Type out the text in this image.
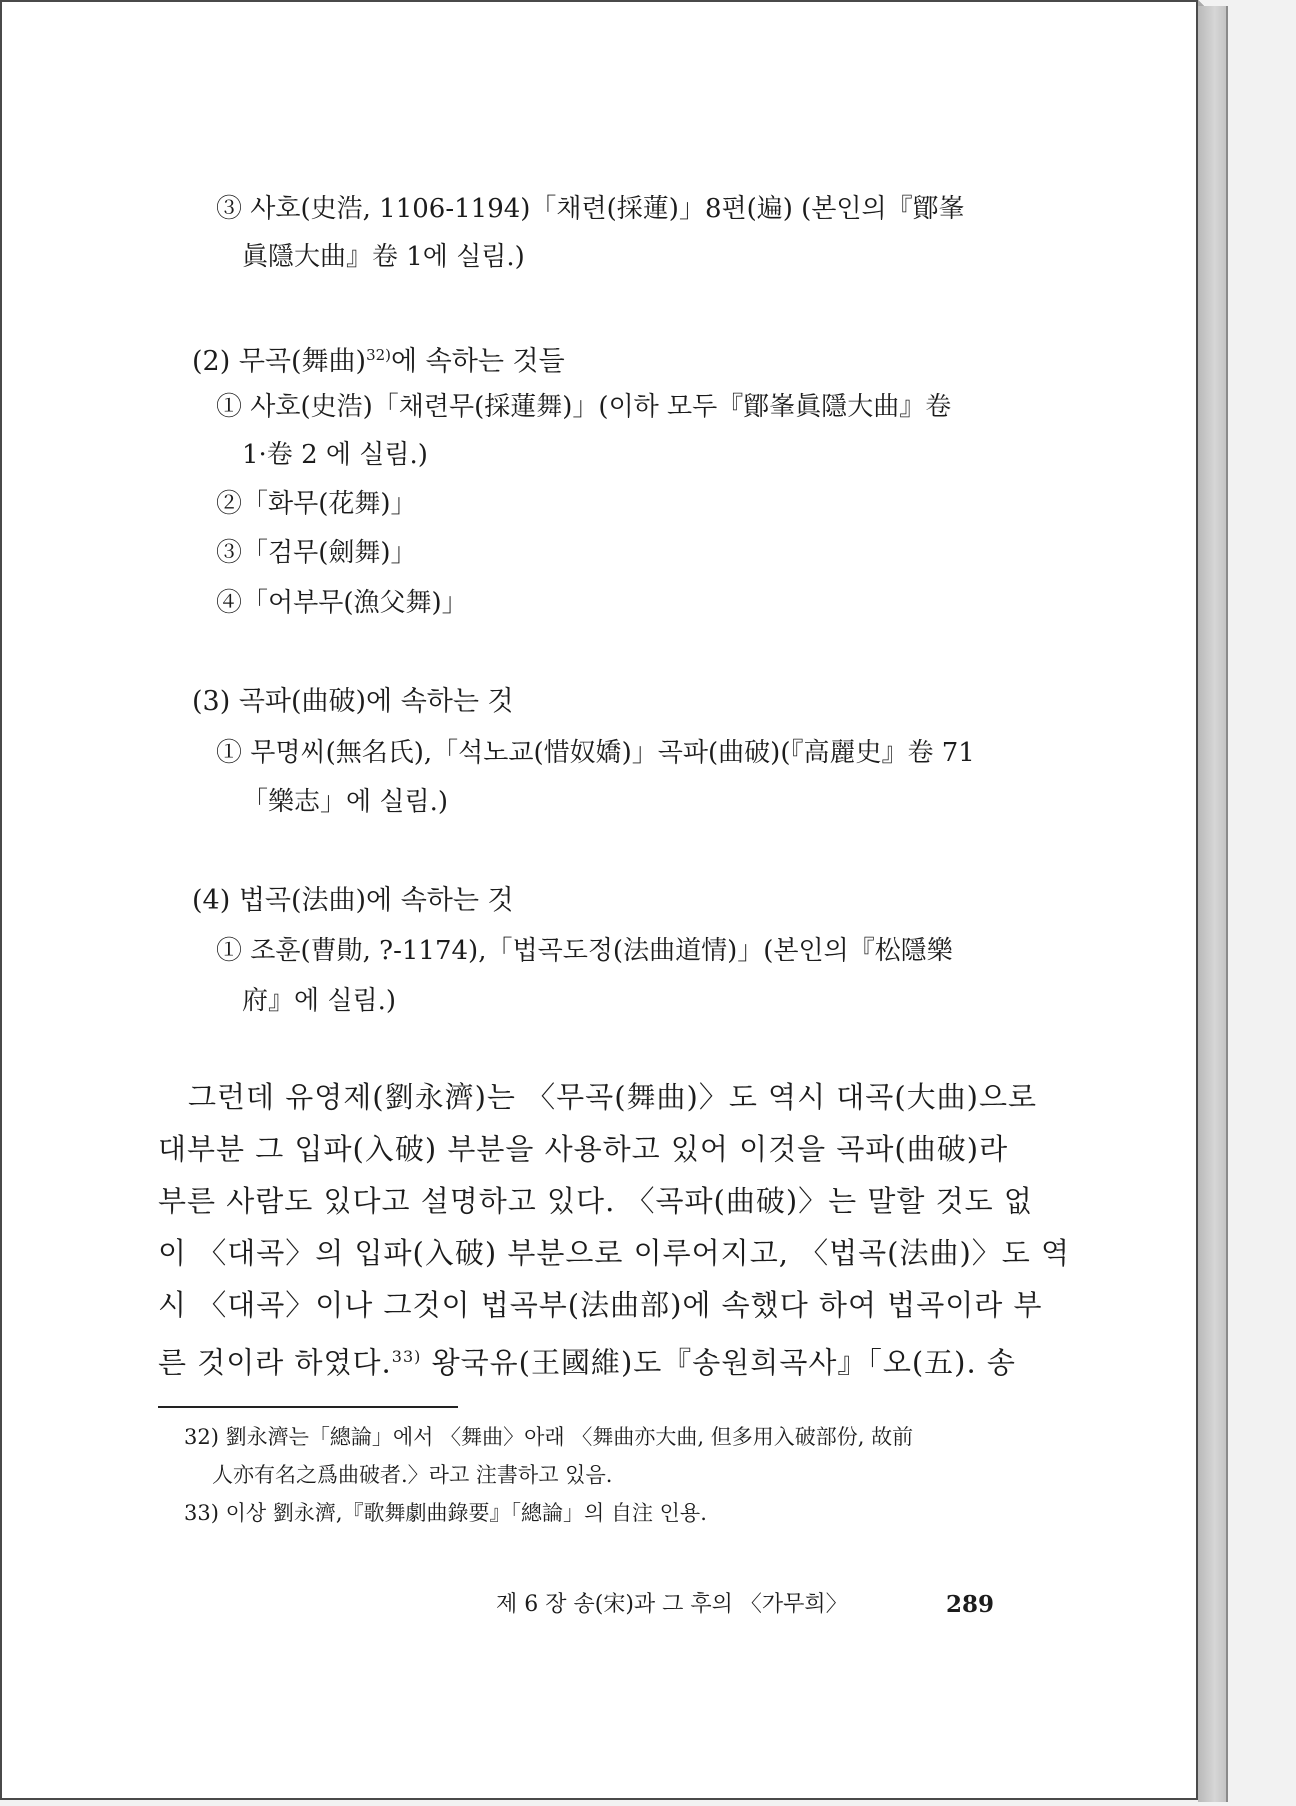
③ 사호(史浩, 1106-1194)「채련(採蓮)」8편(遍) (본인의『鄮峯
眞隱大曲』卷 1에 실림.)
(2) 무곡(舞曲)$^{32)}$에 속하는 것들
① 사호(史浩)「채련무(採蓮舞)」(이하 모두『鄮峯眞隱大曲』卷
1·卷 2 에 실림.)
②「화무(花舞)」
③「검무(劍舞)」
④「어부무(漁父舞)」
(3) 곡파(曲破)에 속하는 것
① 무명씨(無名氏),「석노교(惜奴嬌)」곡파(曲破)(『高麗史』卷 71
「樂志」에 실림.)
(4) 법곡(法曲)에 속하는 것
① 조훈(曹勛, ?-1174),「법곡도정(法曲道情)」(본인의『松隱樂
府』에 실림.)
그런데 유영제(劉永濟)는 〈무곡(舞曲)〉도 역시 대곡(大曲)으로
대부분 그 입파(入破) 부분을 사용하고 있어 이것을 곡파(曲破)라
부른 사람도 있다고 설명하고 있다. 〈곡파(曲破)〉는 말할 것도 없
이 〈대곡〉의 입파(入破) 부분으로 이루어지고, 〈법곡(法曲)〉도 역
시 〈대곡〉이나 그것이 법곡부(法曲部)에 속했다 하여 법곡이라 부
른 것이라 하였다.$^{33)}$ 왕국유(王國維)도『송원희곡사』「오(五). 송
32) 劉永濟는「總論」에서 〈舞曲〉아래 〈舞曲亦大曲, 但多用入破部份, 故前
人亦有名之爲曲破者.〉라고 注書하고 있음.
33) 이상 劉永濟,『歌舞劇曲錄要』「總論」의 自注 인용.
제 6 장 송(宋)과 그 후의 〈가무희〉	289
